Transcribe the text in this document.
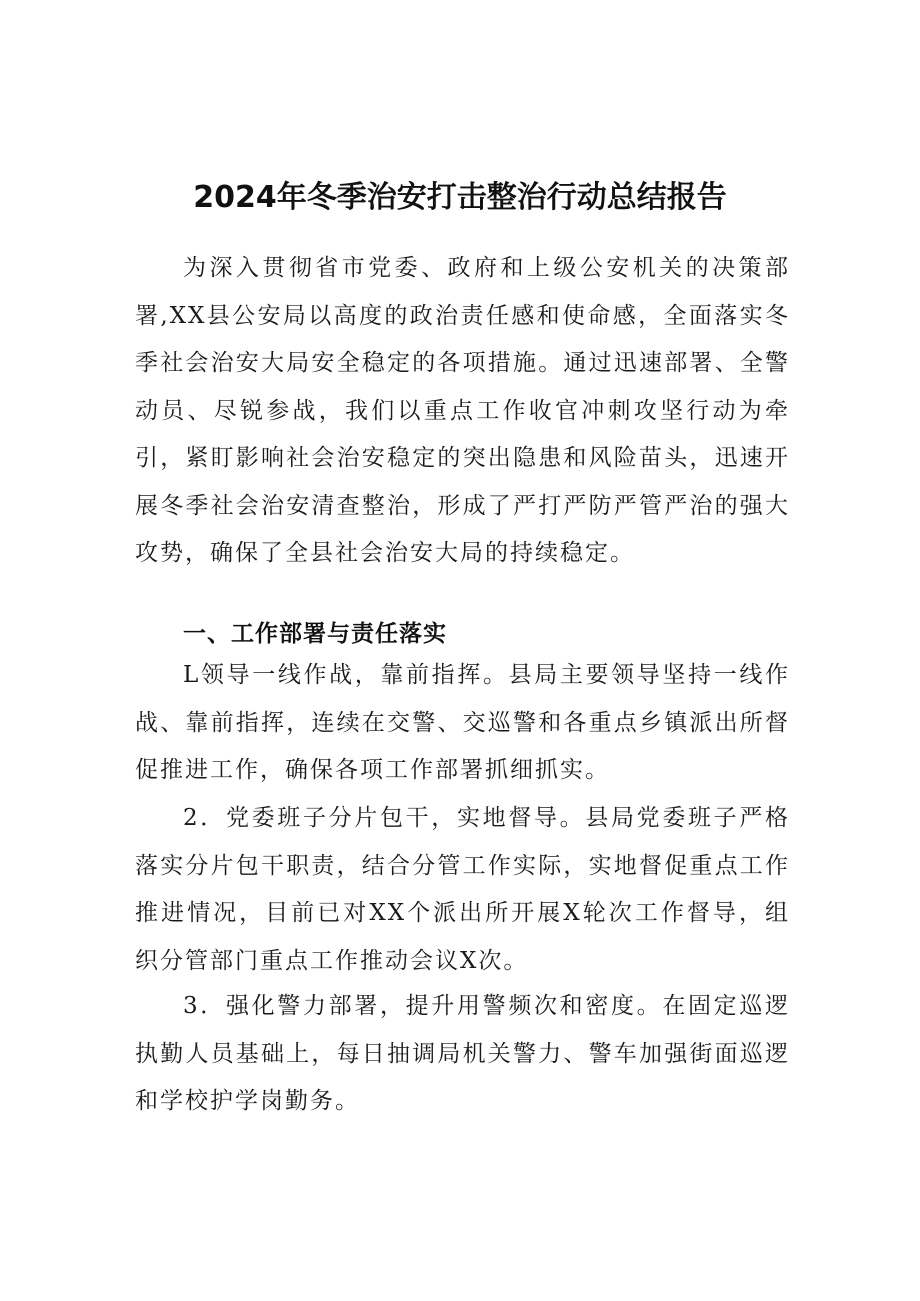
2024年冬季治安打击整治行动总结报告
为深入贯彻省市党委、政府和上级公安机关的决策部署,XX县公安局以高度的政治责任感和使命感，全面落实冬季社会治安大局安全稳定的各项措施。通过迅速部署、全警动员、尽锐参战，我们以重点工作收官冲刺攻坚行动为牵引，紧盯影响社会治安稳定的突出隐患和风险苗头，迅速开展冬季社会治安清查整治，形成了严打严防严管严治的强大攻势，确保了全县社会治安大局的持续稳定。
一、工作部署与责任落实
L领导一线作战，靠前指挥。县局主要领导坚持一线作战、靠前指挥，连续在交警、交巡警和各重点乡镇派出所督促推进工作，确保各项工作部署抓细抓实。
2．党委班子分片包干，实地督导。县局党委班子严格落实分片包干职责，结合分管工作实际，实地督促重点工作推进情况，目前已对XX个派出所开展X轮次工作督导，组织分管部门重点工作推动会议X次。
3．强化警力部署，提升用警频次和密度。在固定巡逻执勤人员基础上，每日抽调局机关警力、警车加强街面巡逻和学校护学岗勤务。
